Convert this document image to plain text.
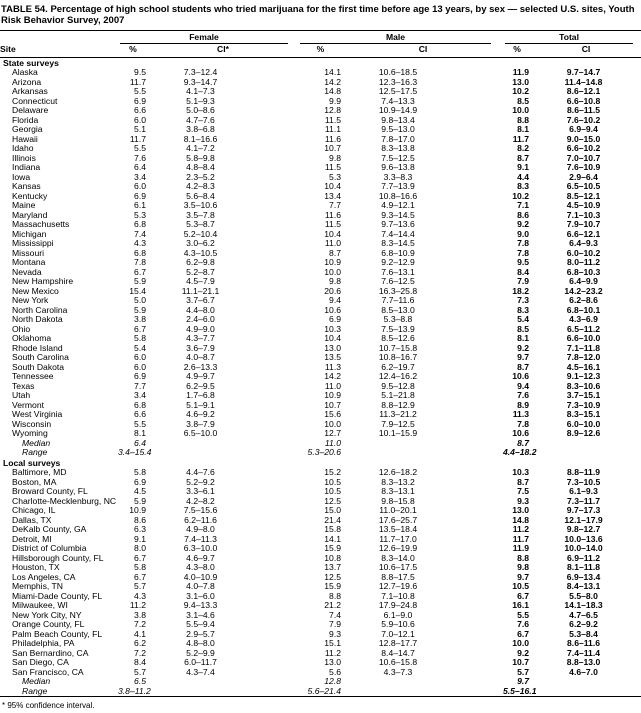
TABLE 54. Percentage of high school students who tried marijuana for the first time before age 13 years, by sex — selected U.S. sites, Youth Risk Behavior Survey, 2007

	Female		Male		Total	

Site	%	CI*	%	CI	%	CI
State surveys						
Alaska	9.5	7.3–12.4	14.1	10.6–18.5	11.9	9.7–14.7
Arizona	11.7	9.3–14.7	14.2	12.3–16.3	13.0	11.4–14.8
Arkansas	5.5	4.1–7.3	14.8	12.5–17.5	10.2	8.6–12.1
Connecticut	6.9	5.1–9.3	9.9	7.4–13.3	8.5	6.6–10.8
Delaware	6.6	5.0–8.6	12.8	10.9–14.9	10.0	8.6–11.5
Florida	6.0	4.7–7.6	11.5	9.8–13.4	8.8	7.6–10.2
Georgia	5.1	3.8–6.8	11.1	9.5–13.0	8.1	6.9–9.4
Hawaii	11.7	8.1–16.6	11.6	7.8–17.0	11.7	9.0–15.0
Idaho	5.5	4.1–7.2	10.7	8.3–13.8	8.2	6.6–10.2
Illinois	7.6	5.8–9.8	9.8	7.5–12.5	8.7	7.0–10.7
Indiana	6.4	4.8–8.4	11.5	9.6–13.8	9.1	7.6–10.9
Iowa	3.4	2.3–5.2	5.3	3.3–8.3	4.4	2.9–6.4
Kansas	6.0	4.2–8.3	10.4	7.7–13.9	8.3	6.5–10.5
Kentucky	6.9	5.6–8.4	13.4	10.8–16.6	10.2	8.5–12.1
Maine	6.1	3.5–10.6	7.7	4.9–12.1	7.1	4.5–10.9
Maryland	5.3	3.5–7.8	11.6	9.3–14.5	8.6	7.1–10.3
Massachusetts	6.8	5.3–8.7	11.5	9.7–13.6	9.2	7.9–10.7
Michigan	7.4	5.2–10.4	10.4	7.4–14.4	9.0	6.6–12.1
Mississippi	4.3	3.0–6.2	11.0	8.3–14.5	7.8	6.4–9.3
Missouri	6.8	4.3–10.5	8.7	6.8–10.9	7.8	6.0–10.2
Montana	7.8	6.2–9.8	10.9	9.2–12.9	9.5	8.0–11.2
Nevada	6.7	5.2–8.7	10.0	7.6–13.1	8.4	6.8–10.3
New Hampshire	5.9	4.5–7.9	9.8	7.6–12.5	7.9	6.4–9.9
New Mexico	15.4	11.1–21.1	20.6	16.3–25.8	18.2	14.2–23.2
New York	5.0	3.7–6.7	9.4	7.7–11.6	7.3	6.2–8.6
North Carolina	5.9	4.4–8.0	10.6	8.5–13.0	8.3	6.8–10.1
North Dakota	3.8	2.4–6.0	6.9	5.3–8.8	5.4	4.3–6.9
Ohio	6.7	4.9–9.0	10.3	7.5–13.9	8.5	6.5–11.2
Oklahoma	5.8	4.3–7.7	10.4	8.5–12.6	8.1	6.6–10.0
Rhode Island	5.4	3.6–7.9	13.0	10.7–15.8	9.2	7.1–11.8
South Carolina	6.0	4.0–8.7	13.5	10.8–16.7	9.7	7.8–12.0
South Dakota	6.0	2.6–13.3	11.3	6.2–19.7	8.7	4.5–16.1
Tennessee	6.9	4.9–9.7	14.2	12.4–16.2	10.6	9.1–12.3
Texas	7.7	6.2–9.5	11.0	9.5–12.8	9.4	8.3–10.6
Utah	3.4	1.7–6.8	10.9	5.1–21.8	7.6	3.7–15.1
Vermont	6.8	5.1–9.1	10.7	8.8–12.9	8.9	7.3–10.9
West Virginia	6.6	4.6–9.2	15.6	11.3–21.2	11.3	8.3–15.1
Wisconsin	5.5	3.8–7.9	10.0	7.9–12.5	7.8	6.0–10.0
Wyoming	8.1	6.5–10.0	12.7	10.1–15.9	10.6	8.9–12.6
Median	6.4		11.0		8.7	
Range	3.4–15.4		5.3–20.6		4.4–18.2	
Local surveys						
Baltimore, MD	5.8	4.4–7.6	15.2	12.6–18.2	10.3	8.8–11.9
Boston, MA	6.9	5.2–9.2	10.5	8.3–13.2	8.7	7.3–10.5
Broward County, FL	4.5	3.3–6.1	10.5	8.3–13.1	7.5	6.1–9.3
Charlotte-Mecklenburg, NC	5.9	4.2–8.2	12.5	9.8–15.8	9.3	7.3–11.7
Chicago, IL	10.9	7.5–15.6	15.0	11.0–20.1	13.0	9.7–17.3
Dallas, TX	8.6	6.2–11.6	21.4	17.6–25.7	14.8	12.1–17.9
DeKalb County, GA	6.3	4.9–8.0	15.8	13.5–18.4	11.2	9.8–12.7
Detroit, MI	9.1	7.4–11.3	14.1	11.7–17.0	11.7	10.0–13.6
District of Columbia	8.0	6.3–10.0	15.9	12.6–19.9	11.9	10.0–14.0
Hillsborough County, FL	6.7	4.6–9.7	10.8	8.3–14.0	8.8	6.9–11.2
Houston, TX	5.8	4.3–8.0	13.7	10.6–17.5	9.8	8.1–11.8
Los Angeles, CA	6.7	4.0–10.9	12.5	8.8–17.5	9.7	6.9–13.4
Memphis, TN	5.7	4.0–7.8	15.9	12.7–19.6	10.5	8.4–13.1
Miami-Dade County, FL	4.3	3.1–6.0	8.8	7.1–10.8	6.7	5.5–8.0
Milwaukee, WI	11.2	9.4–13.3	21.2	17.9–24.8	16.1	14.1–18.3
New York City, NY	3.8	3.1–4.6	7.4	6.1–9.0	5.5	4.7–6.5
Orange County, FL	7.2	5.5–9.4	7.9	5.9–10.6	7.6	6.2–9.2
Palm Beach County, FL	4.1	2.9–5.7	9.3	7.0–12.1	6.7	5.3–8.4
Philadelphia, PA	6.2	4.8–8.0	15.1	12.8–17.7	10.0	8.6–11.6
San Bernardino, CA	7.2	5.2–9.9	11.2	8.4–14.7	9.2	7.4–11.4
San Diego, CA	8.4	6.0–11.7	13.0	10.6–15.8	10.7	8.8–13.0
San Francisco, CA	5.7	4.3–7.4	5.6	4.3–7.3	5.7	4.6–7.0
Median	6.5		12.8		9.7	
Range	3.8–11.2		5.6–21.4		5.5–16.1	
* 95% confidence interval.
